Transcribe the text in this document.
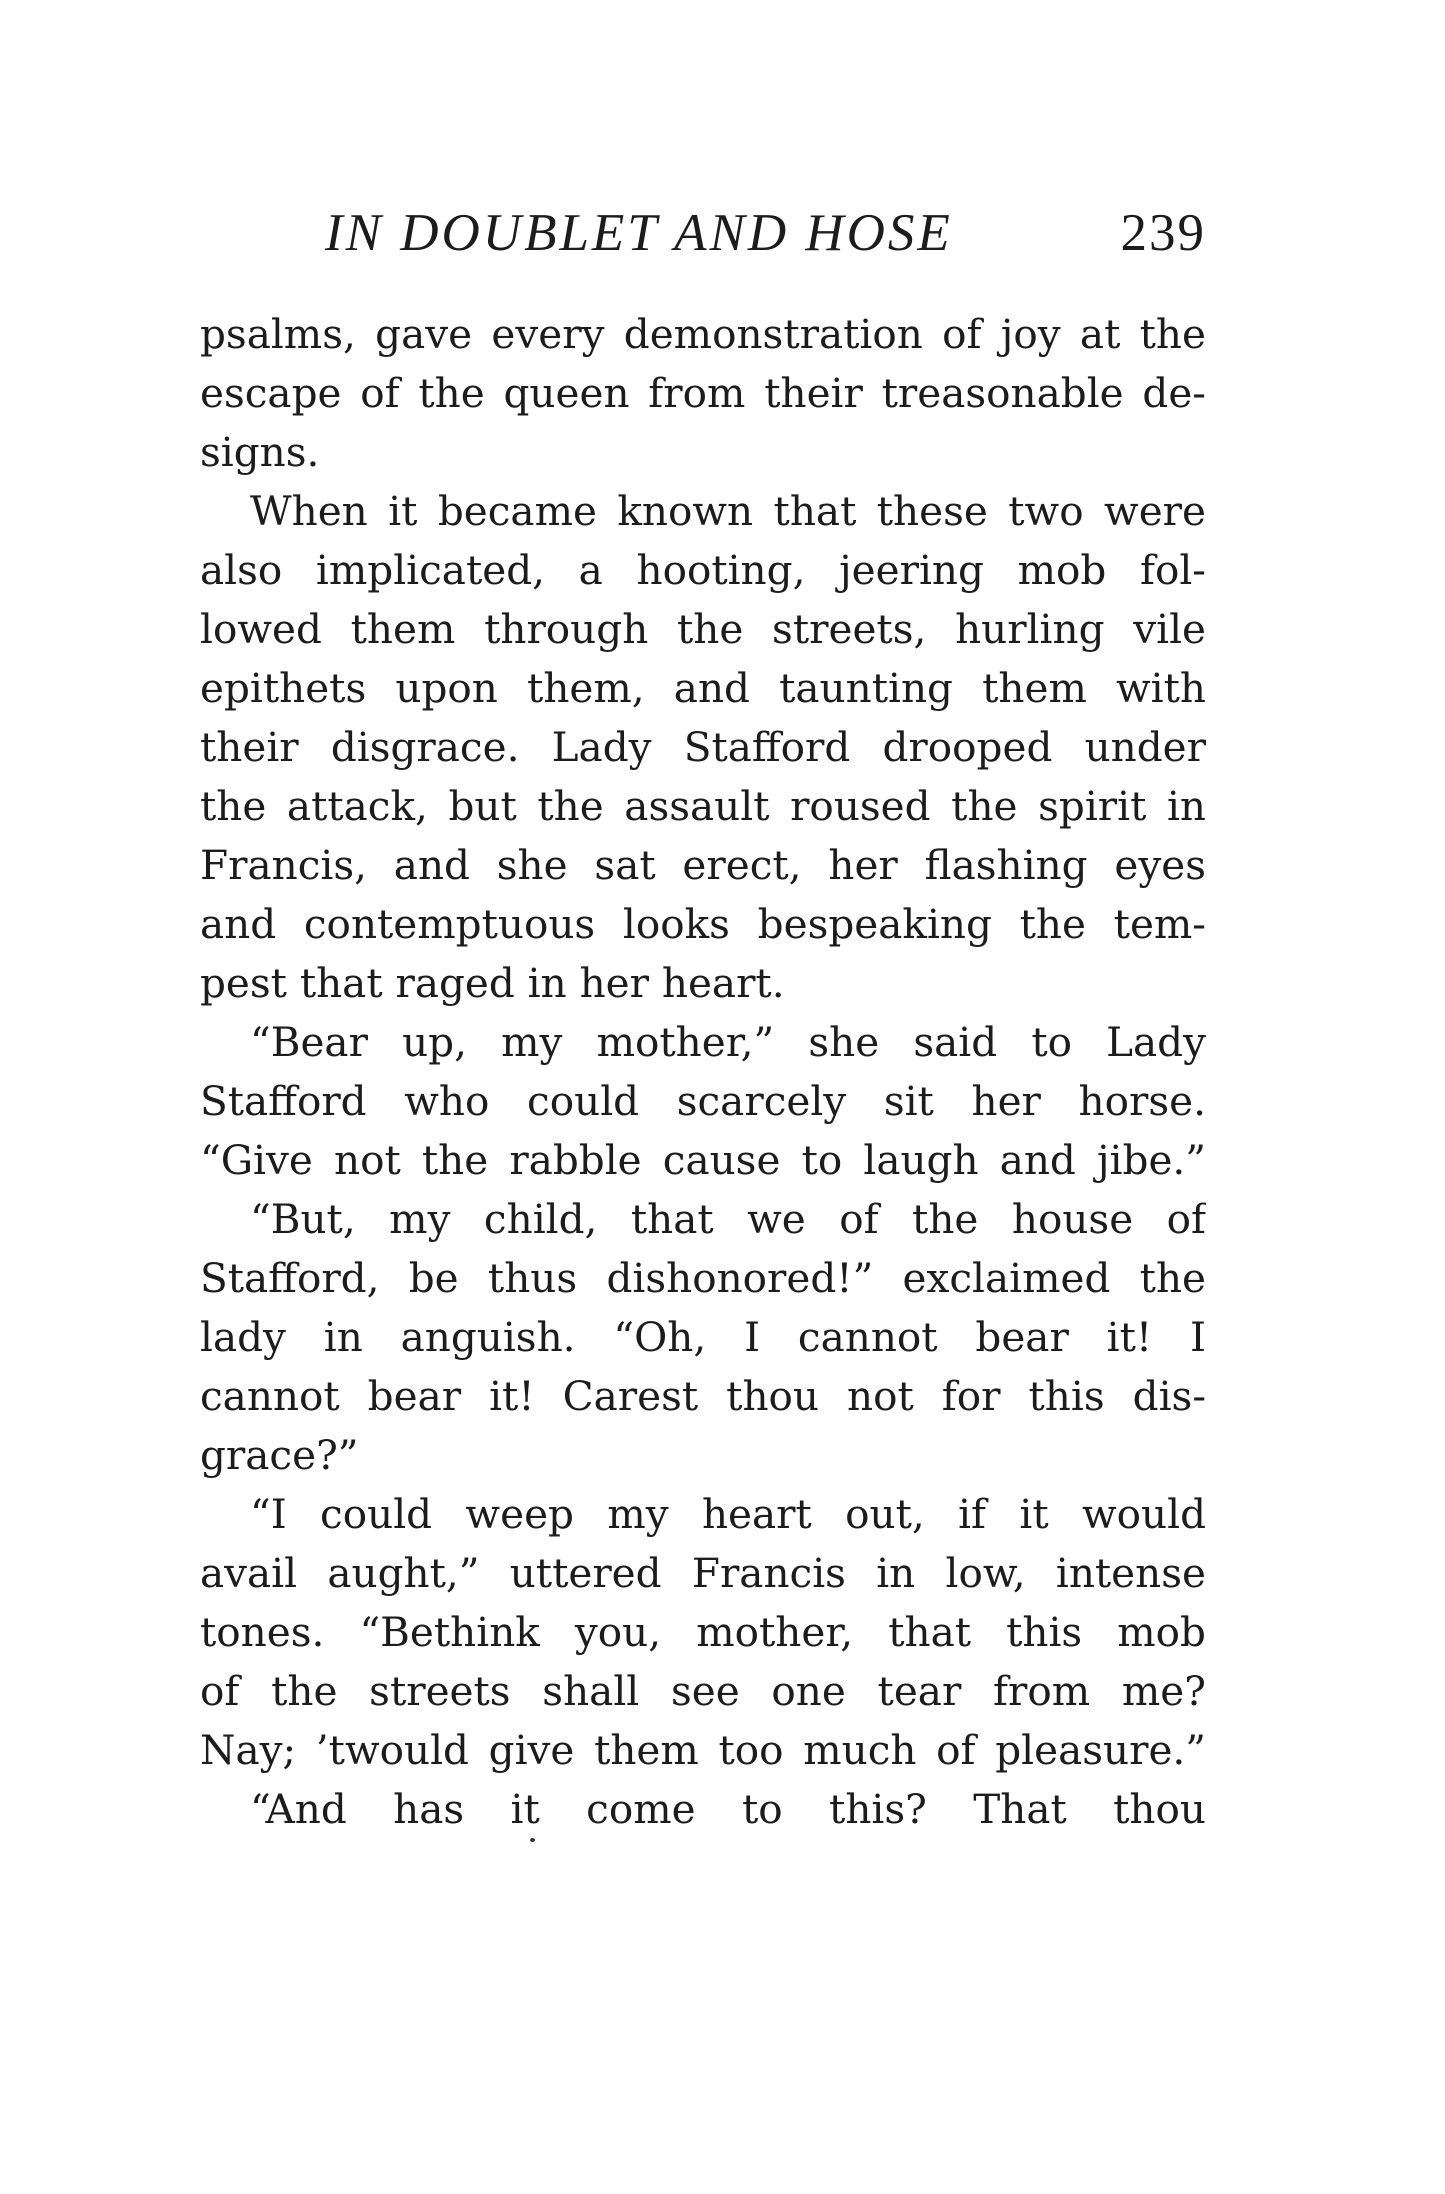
IN DOUBLET AND HOSE	239
psalms, gave every demonstration of joy at the
escape of the queen from their treasonable de-
signs.
When it became known that these two were
also implicated, a hooting, jeering mob fol-
lowed them through the streets, hurling vile
epithets upon them, and taunting them with
their disgrace. Lady Stafford drooped under
the attack, but the assault roused the spirit in
Francis, and she sat erect, her flashing eyes
and contemptuous looks bespeaking the tem-
pest that raged in her heart.
“Bear up, my mother,” she said to Lady
Stafford who could scarcely sit her horse.
“Give not the rabble cause to laugh and jibe.”
“But, my child, that we of the house of
Stafford, be thus dishonored!” exclaimed the
lady in anguish. “Oh, I cannot bear it! I
cannot bear it! Carest thou not for this dis-
grace?”
“I could weep my heart out, if it would
avail aught,” uttered Francis in low, intense
tones. “Bethink you, mother, that this mob
of the streets shall see one tear from me?
Nay; ’twould give them too much of pleasure.”
“And has it come to this? That thou
